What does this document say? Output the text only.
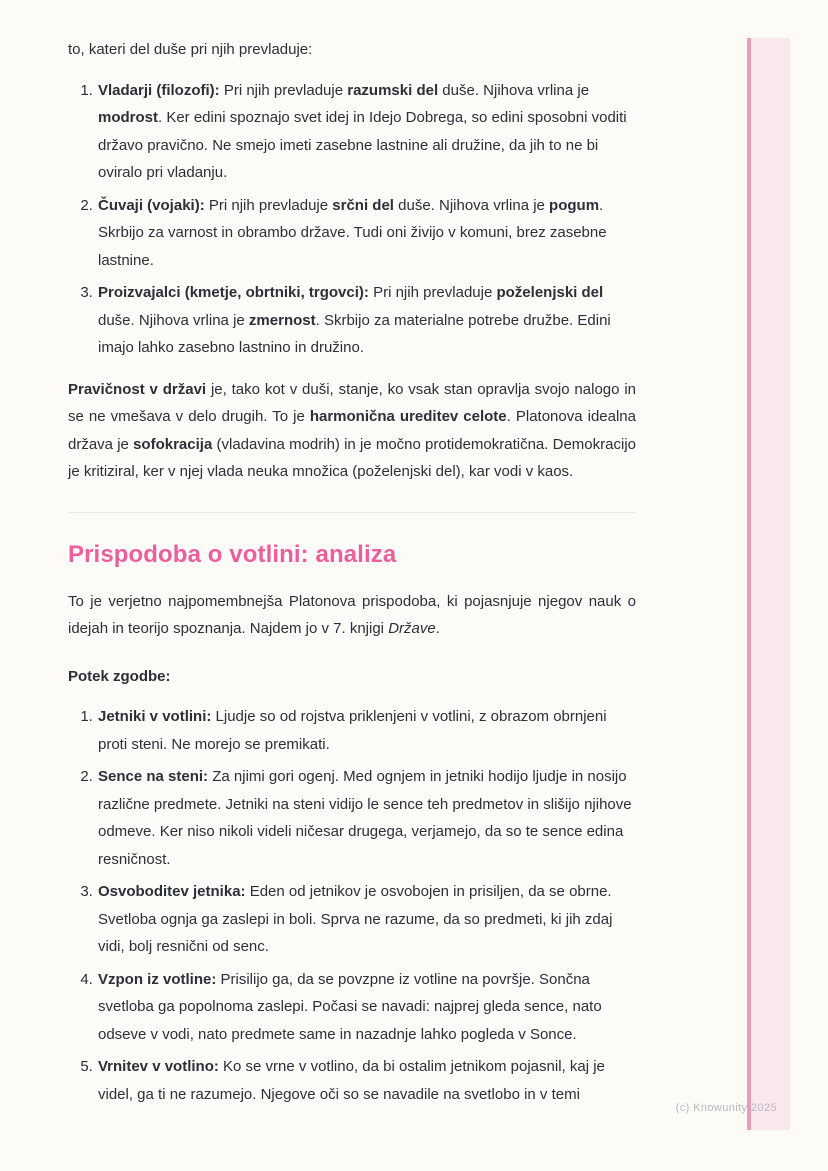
to, kateri del duše pri njih prevladuje:

1. Vladarji (filozofi): Pri njih prevladuje razumski del duše. Njihova vrlina je modrost. Ker edini spoznajo svet idej in Idejo Dobrega, so edini sposobni voditi državo pravično. Ne smejo imeti zasebne lastnine ali družine, da jih to ne bi oviralo pri vladanju.
2. Čuvaji (vojaki): Pri njih prevladuje srčni del duše. Njihova vrlina je pogum. Skrbijo za varnost in obrambo države. Tudi oni živijo v komuni, brez zasebne lastnine.
3. Proizvajalci (kmetje, obrtniki, trgovci): Pri njih prevladuje poželenjski del duše. Njihova vrlina je zmernost. Skrbijo za materialne potrebe družbe. Edini imajo lahko zasebno lastnino in družino.

Pravičnost v državi je, tako kot v duši, stanje, ko vsak stan opravlja svojo nalogo in se ne vmešava v delo drugih. To je harmonična ureditev celote. Platonova idealna država je sofokracija (vladavina modrih) in je močno protidemokratična. Demokracijo je kritiziral, ker v njej vlada neuka množica (poželenjski del), kar vodi v kaos.

Prispodoba o votlini: analiza

To je verjetno najpomembnejša Platonova prispodoba, ki pojasnjuje njegov nauk o idejah in teorijo spoznanja. Najdem jo v 7. knjigi Države.

Potek zgodbe:

1. Jetniki v votlini: Ljudje so od rojstva priklenjeni v votlini, z obrazom obrnjeni proti steni. Ne morejo se premikati.
2. Sence na steni: Za njimi gori ogenj. Med ognjem in jetniki hodijo ljudje in nosijo različne predmete. Jetniki na steni vidijo le sence teh predmetov in slišijo njihove odmeve. Ker niso nikoli videli ničesar drugega, verjamejo, da so te sence edina resničnost.
3. Osvoboditev jetnika: Eden od jetnikov je osvobojen in prisiljen, da se obrne. Svetloba ognja ga zaslepi in boli. Sprva ne razume, da so predmeti, ki jih zdaj vidi, bolj resnični od senc.
4. Vzpon iz votline: Prisilijo ga, da se povzpne iz votline na površje. Sončna svetloba ga popolnoma zaslepi. Počasi se navadi: najprej gleda sence, nato odseve v vodi, nato predmete same in nazadnje lahko pogleda v Sonce.
5. Vrnitev v votlino: Ko se vrne v votlino, da bi ostalim jetnikom pojasnil, kaj je videl, ga ti ne razumejo. Njegove oči so se navadile na svetlobo in v temi
(c) Knowunity 2025
